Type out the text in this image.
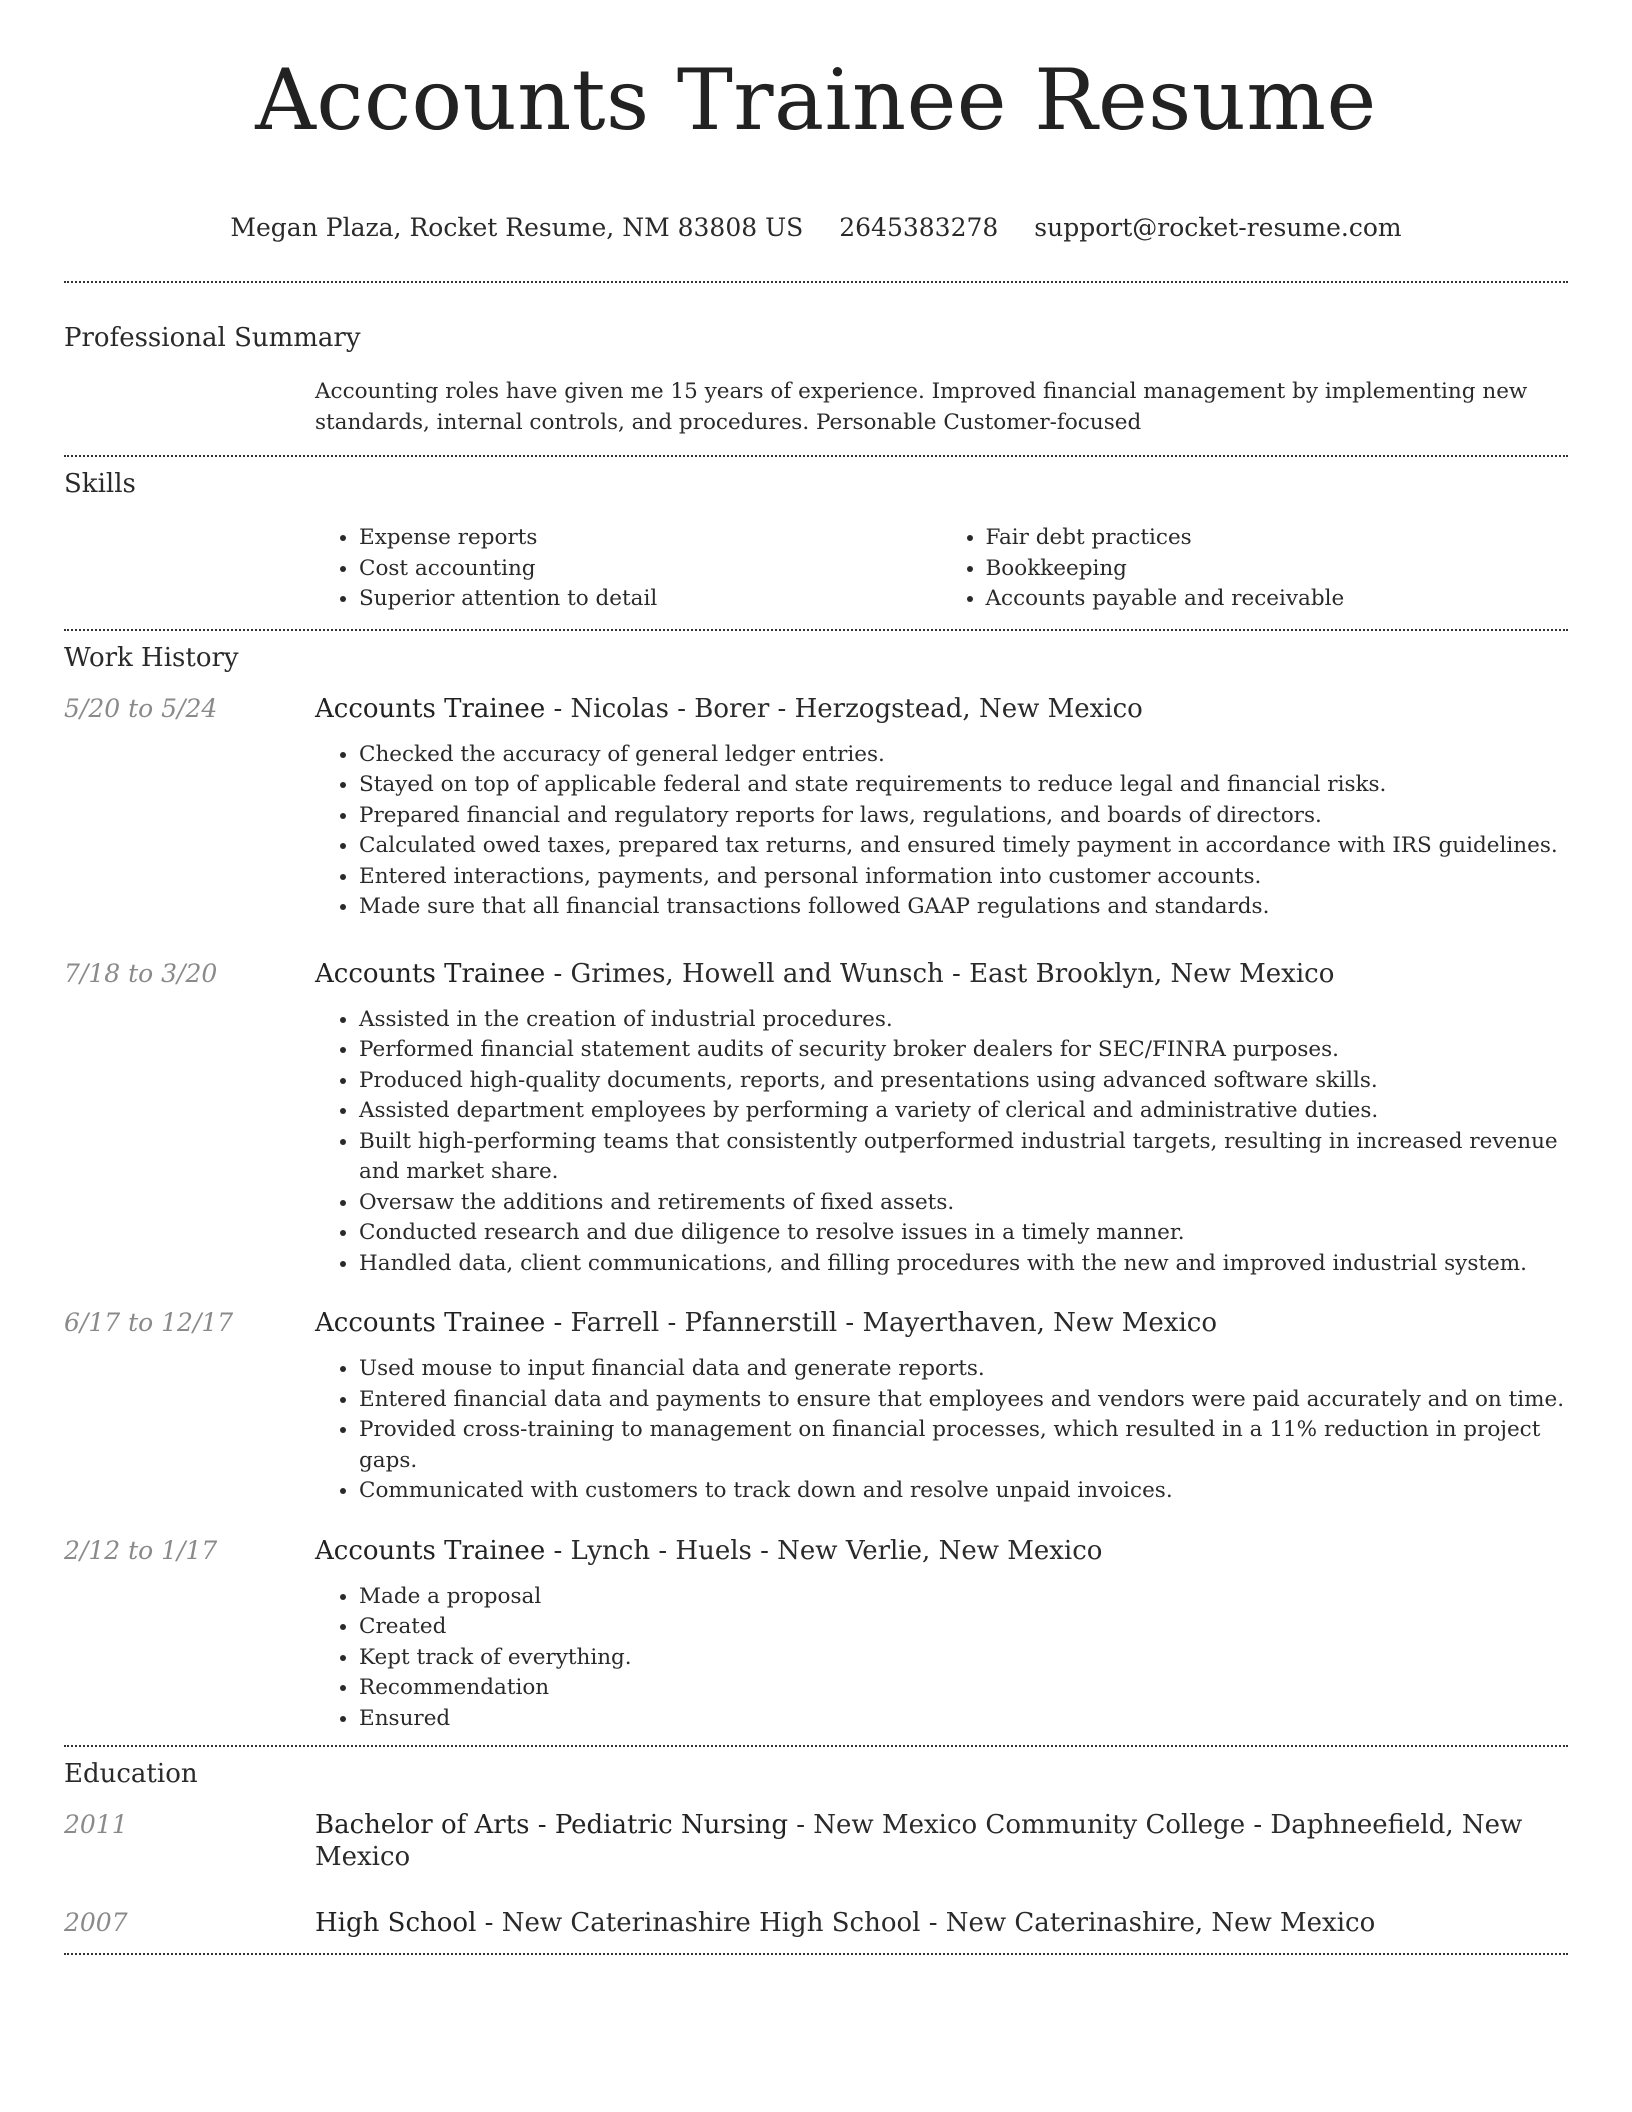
Accounts Trainee Resume
Megan Plaza, Rocket Resume, NM 83808 US 2645383278 support@rocket-resume.com
Professional Summary
Accounting roles have given me 15 years of experience. Improved financial management by implementing new standards, internal controls, and procedures. Personable Customer-focused
Skills
• Expense reports
• Cost accounting
• Superior attention to detail
• Fair debt practices
• Bookkeeping
• Accounts payable and receivable
Work History
5/20 to 5/24	Accounts Trainee - Nicolas - Borer - Herzogstead, New Mexico
• Checked the accuracy of general ledger entries.
• Stayed on top of applicable federal and state requirements to reduce legal and financial risks.
• Prepared financial and regulatory reports for laws, regulations, and boards of directors.
• Calculated owed taxes, prepared tax returns, and ensured timely payment in accordance with IRS guidelines.
• Entered interactions, payments, and personal information into customer accounts.
• Made sure that all financial transactions followed GAAP regulations and standards.
7/18 to 3/20	Accounts Trainee - Grimes, Howell and Wunsch - East Brooklyn, New Mexico
• Assisted in the creation of industrial procedures.
• Performed financial statement audits of security broker dealers for SEC/FINRA purposes.
• Produced high-quality documents, reports, and presentations using advanced software skills.
• Assisted department employees by performing a variety of clerical and administrative duties.
• Built high-performing teams that consistently outperformed industrial targets, resulting in increased revenue and market share.
• Oversaw the additions and retirements of fixed assets.
• Conducted research and due diligence to resolve issues in a timely manner.
• Handled data, client communications, and filling procedures with the new and improved industrial system.
6/17 to 12/17	Accounts Trainee - Farrell - Pfannerstill - Mayerthaven, New Mexico
• Used mouse to input financial data and generate reports.
• Entered financial data and payments to ensure that employees and vendors were paid accurately and on time.
• Provided cross-training to management on financial processes, which resulted in a 11% reduction in project gaps.
• Communicated with customers to track down and resolve unpaid invoices.
2/12 to 1/17	Accounts Trainee - Lynch - Huels - New Verlie, New Mexico
• Made a proposal
• Created
• Kept track of everything.
• Recommendation
• Ensured
Education
2011	Bachelor of Arts - Pediatric Nursing - New Mexico Community College - Daphneefield, New Mexico
2007	High School - New Caterinashire High School - New Caterinashire, New Mexico
